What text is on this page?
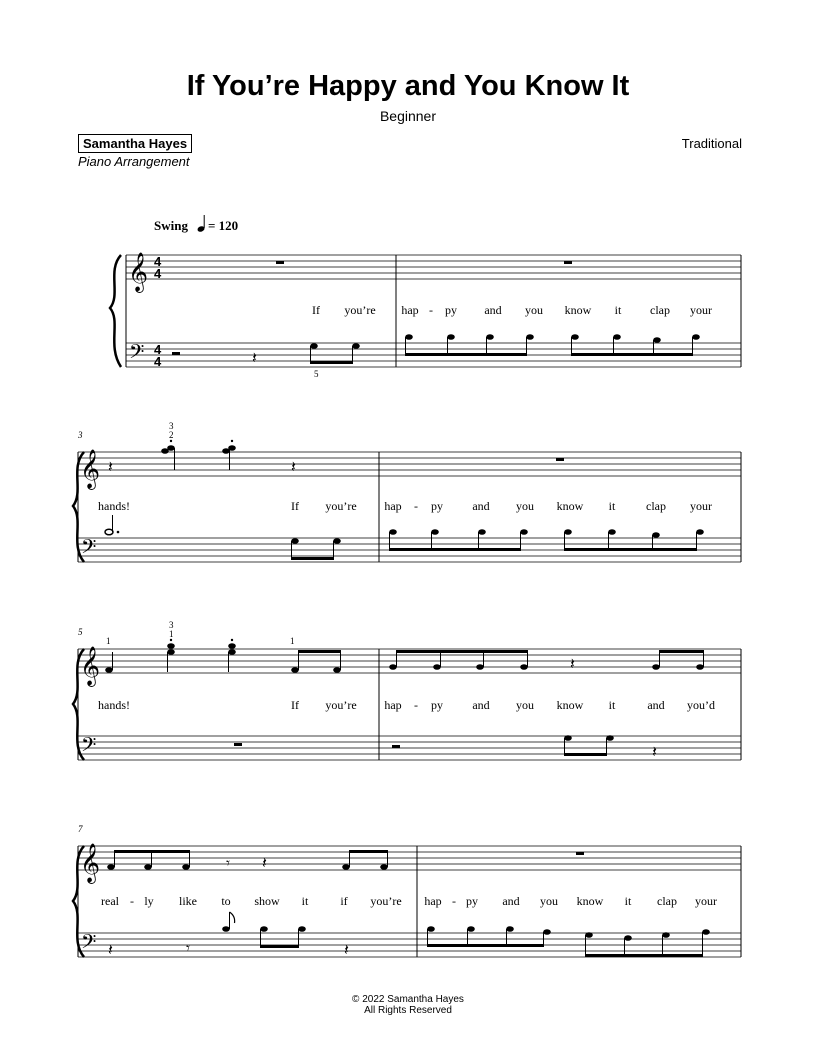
If You’re Happy and You Know It
Beginner
Samantha Hayes
Piano Arrangement
Traditional
Swing = 120
𝄞
𝄢
4
4
4
4	𝄽
5
If you’re hap - py and you know it clap your
3
𝄞
𝄢
𝄽	𝄽
3
2
hands!	If you’re hap - py and you know it	clap your
5
𝄞
𝄢
𝄽
1
3
1
1
𝄽
hands!	If you’re hap - py and you know it	and you’d
7
𝄞
𝄢
𝄾 𝄽
𝄽	𝄾	𝄽
real - ly like to show it	if you’re hap - py and you know it clap your
© 2022 Samantha Hayes
All Rights Reserved
